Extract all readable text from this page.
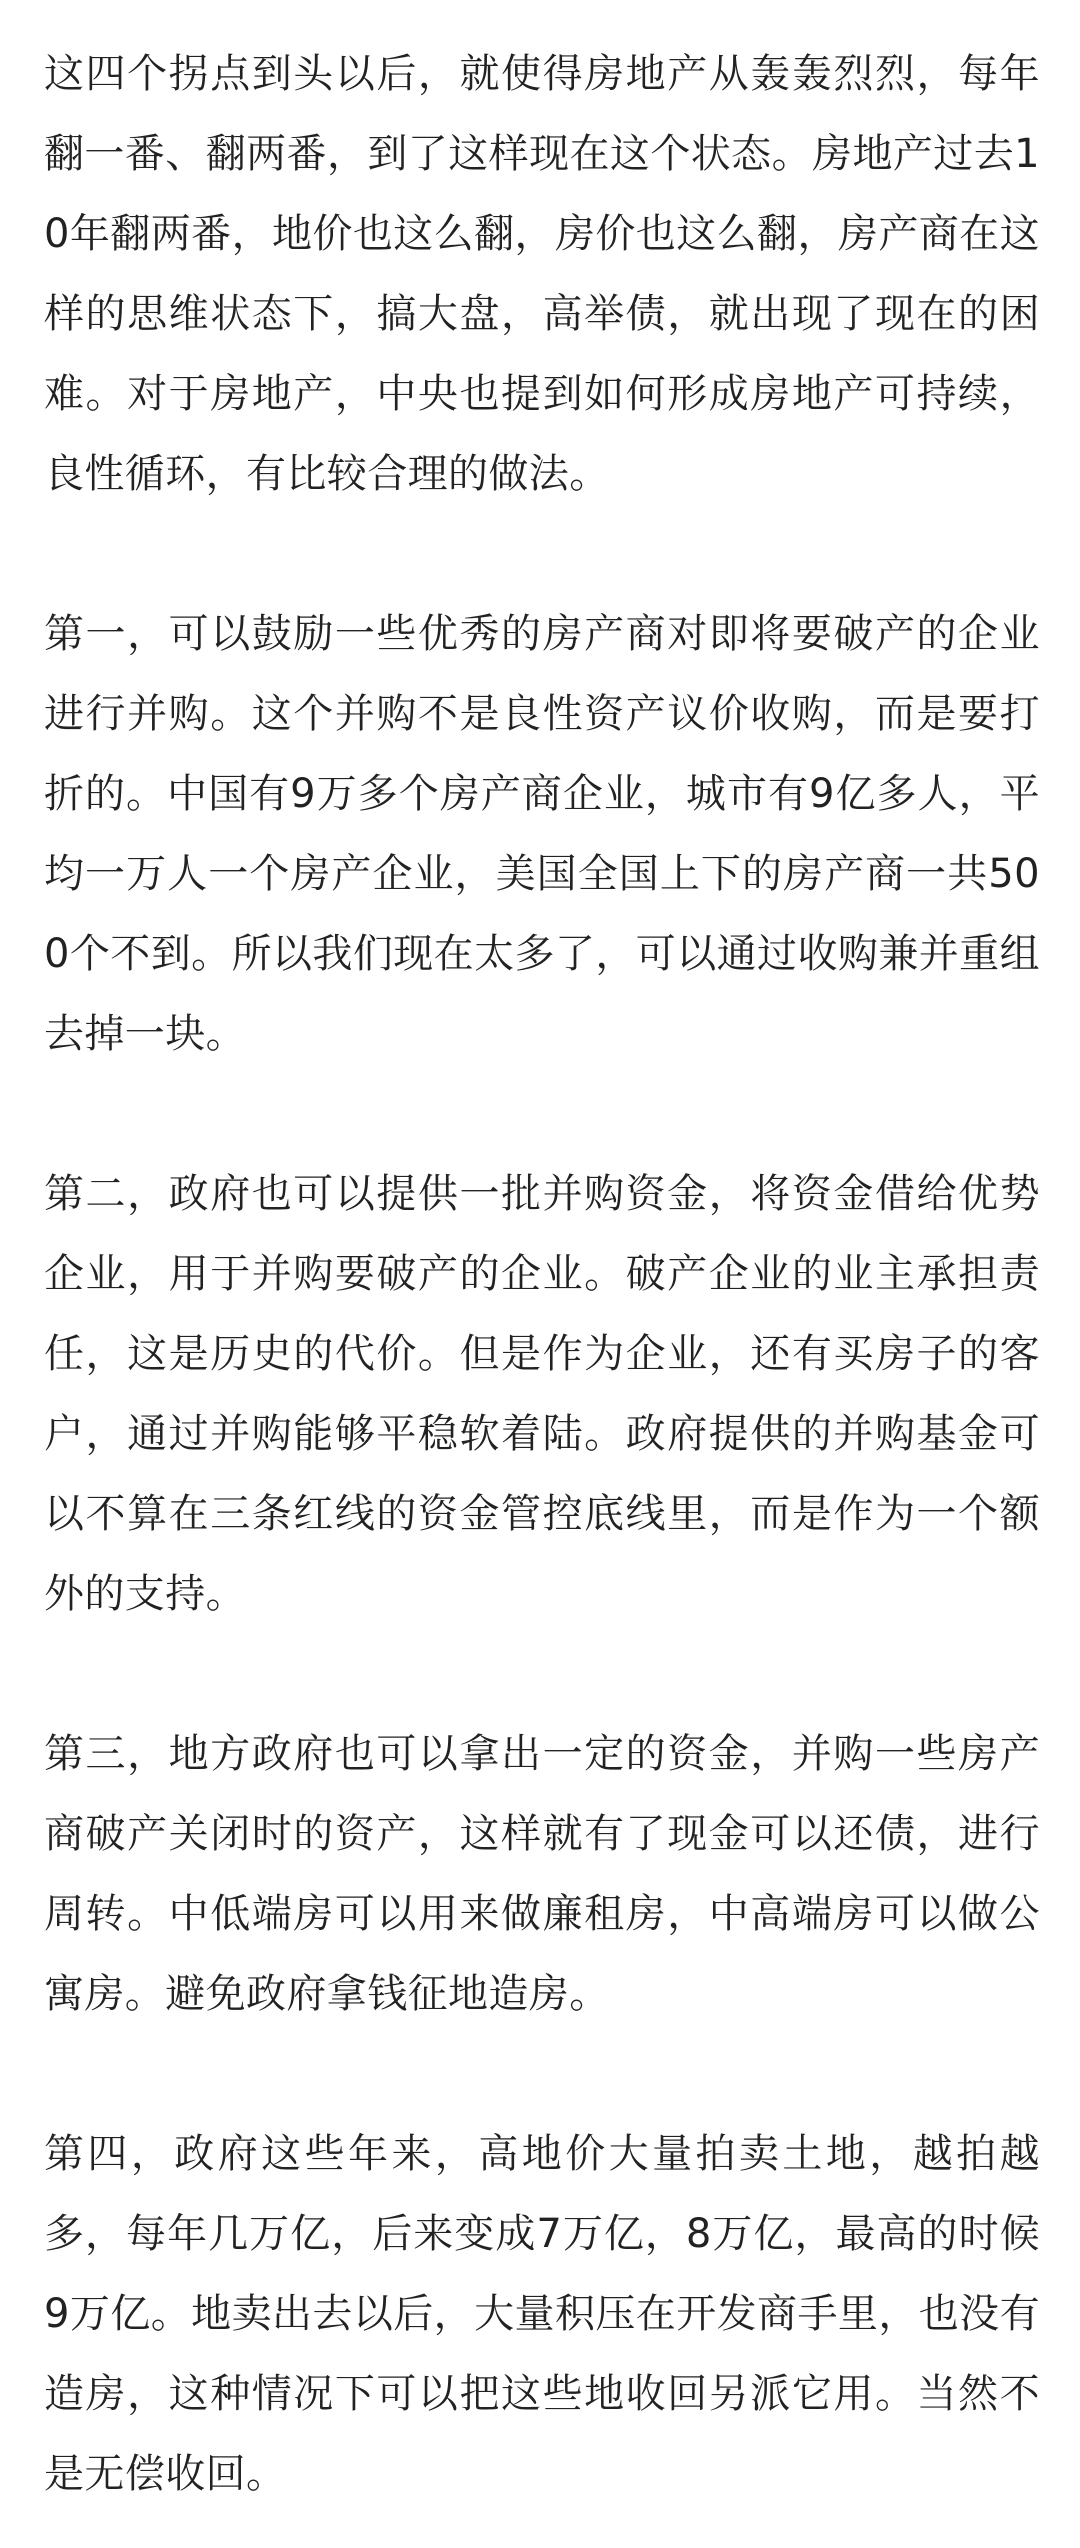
这四个拐点到头以后，就使得房地产从轰轰烈烈，每年翻一番、翻两番，到了这样现在这个状态。房地产过去10年翻两番，地价也这么翻，房价也这么翻，房产商在这样的思维状态下，搞大盘，高举债，就出现了现在的困难。对于房地产，中央也提到如何形成房地产可持续，良性循环，有比较合理的做法。

第一，可以鼓励一些优秀的房产商对即将要破产的企业进行并购。这个并购不是良性资产议价收购，而是要打折的。中国有9万多个房产商企业，城市有9亿多人，平均一万人一个房产企业，美国全国上下的房产商一共500个不到。所以我们现在太多了，可以通过收购兼并重组去掉一块。

第二，政府也可以提供一批并购资金，将资金借给优势企业，用于并购要破产的企业。破产企业的业主承担责任，这是历史的代价。但是作为企业，还有买房子的客户，通过并购能够平稳软着陆。政府提供的并购基金可以不算在三条红线的资金管控底线里，而是作为一个额外的支持。

第三，地方政府也可以拿出一定的资金，并购一些房产商破产关闭时的资产，这样就有了现金可以还债，进行周转。中低端房可以用来做廉租房，中高端房可以做公寓房。避免政府拿钱征地造房。

第四，政府这些年来，高地价大量拍卖土地，越拍越多，每年几万亿，后来变成7万亿，8万亿，最高的时候9万亿。地卖出去以后，大量积压在开发商手里，也没有造房，这种情况下可以把这些地收回另派它用。当然不是无偿收回。
